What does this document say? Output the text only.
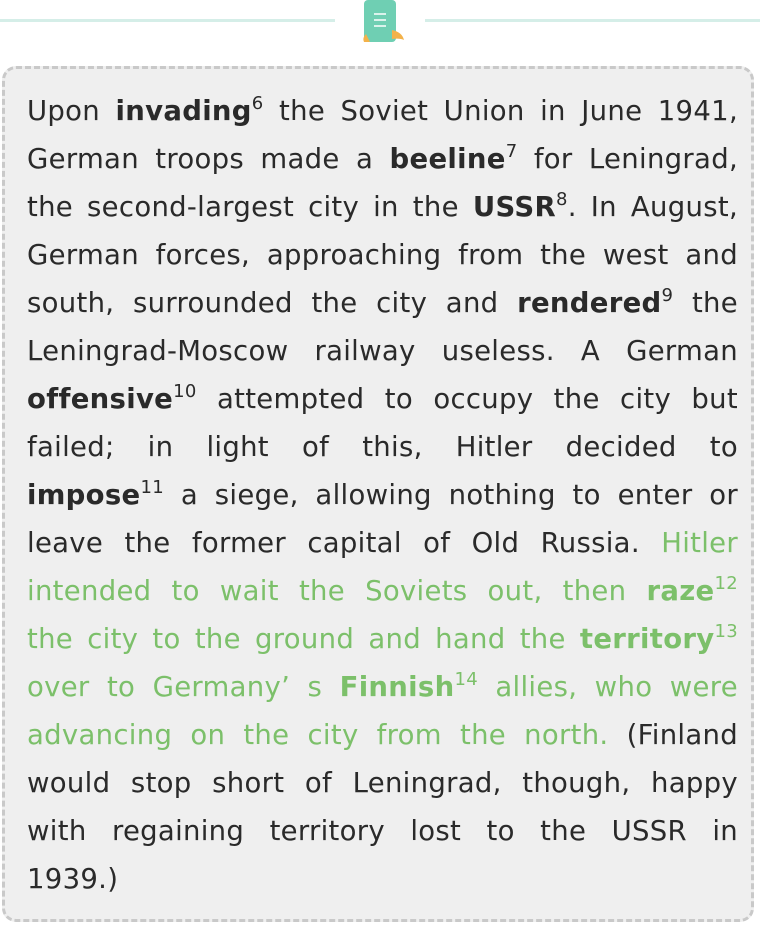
Upon invading$^6$ the Soviet Union in June 1941,
German troops made a beeline$^7$ for Leningrad,
the second-largest city in the USSR$^8$. In August,
German forces, approaching from the west and
south, surrounded the city and rendered$^9$ the
Leningrad-Moscow railway useless. A German
offensive$^{10}$ attempted to occupy the city but
failed; in light of this, Hitler decided to
impose$^{11}$ a siege, allowing nothing to enter or
leave the former capital of Old Russia. Hitler
intended to wait the Soviets out, then raze$^{12}$
the city to the ground and hand the territory$^{13}$
over to Germany’ s Finnish$^{14}$ allies, who were
advancing on the city from the north. (Finland
would stop short of Leningrad, though, happy
with regaining territory lost to the USSR in
1939.)
